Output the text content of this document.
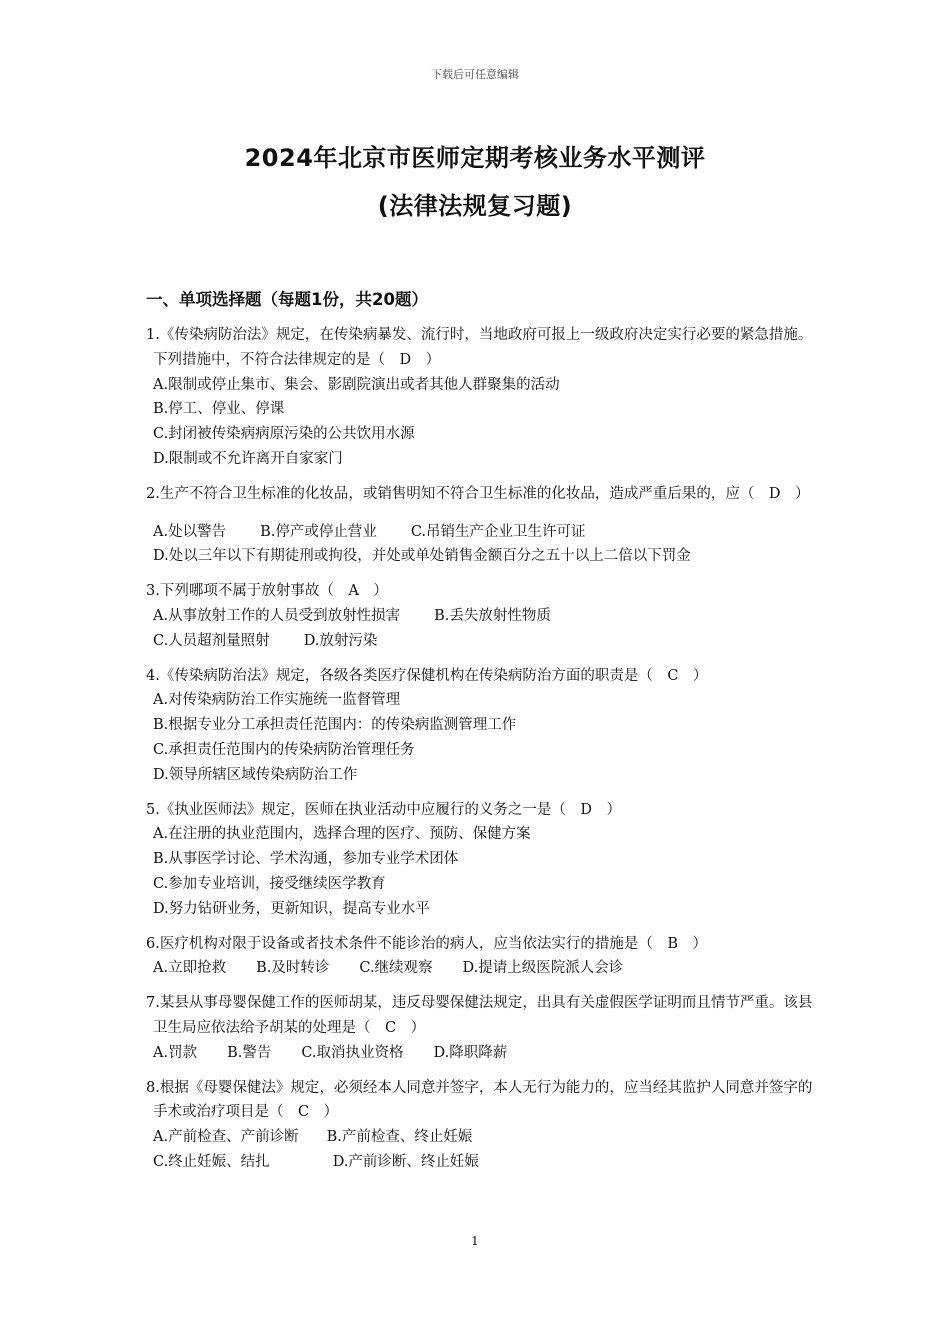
下载后可任意编辑
2024年北京市医师定期考核业务水平测评
(法律法规复习题)
一、单项选择题（每题1份，共20题）
1.《传染病防治法》规定，在传染病暴发、流行时，当地政府可报上一级政府决定实行必要的紧急措施。下列措施中，不符合法律规定的是（　D　）
A.限制或停止集市、集会、影剧院演出或者其他人群聚集的活动
B.停工、停业、停课
C.封闭被传染病病原污染的公共饮用水源
D.限制或不允许离开自家家门
2.生产不符合卫生标准的化妆品，或销售明知不符合卫生标准的化妆品，造成严重后果的，应（　D　）
A.处以警告 B.停产或停止营业 C.吊销生产企业卫生许可证
D.处以三年以下有期徒刑或拘役，并处或单处销售金额百分之五十以上二倍以下罚金
3.下列哪项不属于放射事故（　A　）
A.从事放射工作的人员受到放射性损害 B.丢失放射性物质
C.人员超剂量照射 D.放射污染
4.《传染病防治法》规定，各级各类医疗保健机构在传染病防治方面的职责是（　C　）
A.对传染病防治工作实施统一监督管理
B.根据专业分工承担责任范围内：的传染病监测管理工作
C.承担责任范围内的传染病防治管理任务
D.领导所辖区域传染病防治工作
5.《执业医师法》规定，医师在执业活动中应履行的义务之一是（　D　）
A.在注册的执业范围内，选择合理的医疗、预防、保健方案
B.从事医学讨论、学术沟通，参加专业学术团体
C.参加专业培训，接受继续医学教育
D.努力钻研业务，更新知识，提高专业水平
6.医疗机构对限于设备或者技术条件不能诊治的病人，应当依法实行的措施是（　B　）
A.立即抢救 B.及时转诊 C.继续观察 D.提请上级医院派人会诊
7.某县从事母婴保健工作的医师胡某，违反母婴保健法规定，出具有关虚假医学证明而且情节严重。该县卫生局应依法给予胡某的处理是（　C　）
A.罚款 B.警告 C.取消执业资格 D.降职降薪
8.根据《母婴保健法》规定，必须经本人同意并签字，本人无行为能力的，应当经其监护人同意并签字的手术或治疗项目是（　C　）
A.产前检查、产前诊断 B.产前检查、终止妊娠
C.终止妊娠、结扎	D.产前诊断、终止妊娠
1
